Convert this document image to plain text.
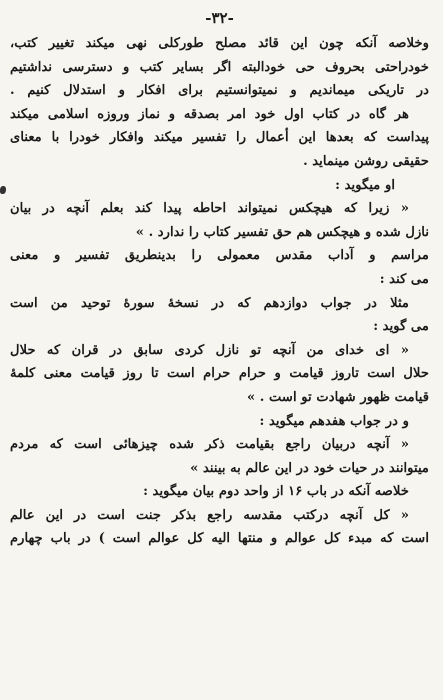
-۳۲-
وخلاصه آنکه چون این قائد مصلح طورکلی نهی میکند تغییر کتب،
خودراحتی بحروف حی خودالبته اگر بسایر کتب و دسترسی نداشتیم
در تاریکی میماندیم و نمیتوانستیم برای افکار و استدلال کنیم .
هر گاه در کتاب اول خود امر بصدقه و نماز وروزه اسلامی میکند
پیداست که بعدها این أعمال را تفسیر میکند وافکار خودرا با معنای
حقیقی روشن مینماید .
او میگوید :
« زیرا که هیچکس نمیتواند احاطه پیدا کند بعلم آنچه در بیان
نازل شده و هیچکس هم حق تفسیر کتاب را ندارد . »
مراسم و آداب مقدس معمولی را بدینطریق تفسیر و معنی
می کند :
مثلا در جواب دوازدهم که در نسخهٔ سورهٔ توحید من است
می گوید :
« ای خدای من آنچه تو نازل کردی سابق در قران که حلال
حلال است تاروز قیامت و حرام حرام است تا روز قیامت معنی کلمهٔ
قیامت ظهور شهادت تو است . »
و در جواب هفدهم میگوید :
« آنچه دربیان راجع بقیامت ذکر شده چیزهائی است که مردم
میتوانند در حیات خود در این عالم به بینند »
خلاصه آنکه در باب ۱۶ از واحد دوم بیان میگوید :
« کل آنچه درکتب مقدسه راجع بذکر جنت است در این عالم
است که مبدء کل عوالم و منتها الیه کل عوالم است ) در باب چهارم
